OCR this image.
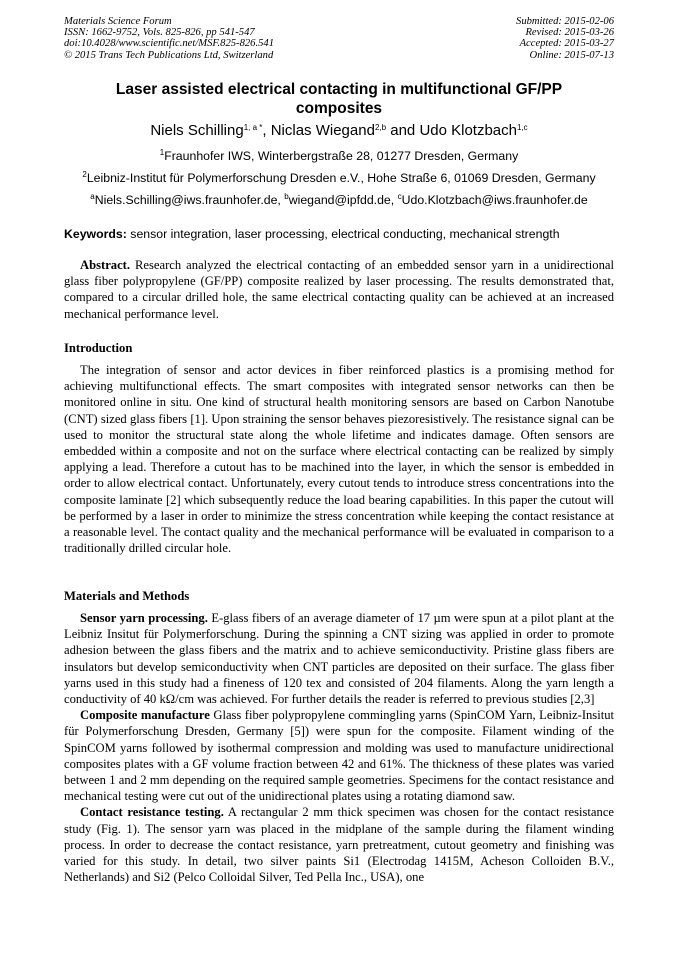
Materials Science Forum
ISSN: 1662-9752, Vols. 825-826, pp 541-547
doi:10.4028/www.scientific.net/MSF.825-826.541
© 2015 Trans Tech Publications Ltd, Switzerland
Submitted: 2015-02-06
Revised: 2015-03-26
Accepted: 2015-03-27
Online: 2015-07-13
Laser assisted electrical contacting in multifunctional GF/PP composites
Niels Schilling$^{1, a *}$, Niclas Wiegand$^{2,b}$ and Udo Klotzbach$^{1,c}$
$^1$Fraunhofer IWS, Winterbergstraße 28, 01277 Dresden, Germany
$^2$Leibniz-Institut für Polymerforschung Dresden e.V., Hohe Straße 6, 01069 Dresden, Germany
$^a$Niels.Schilling@iws.fraunhofer.de, $^b$wiegand@ipfdd.de, $^c$Udo.Klotzbach@iws.fraunhofer.de
Keywords: sensor integration, laser processing, electrical conducting, mechanical strength

Abstract. Research analyzed the electrical contacting of an embedded sensor yarn in a unidirectional glass fiber polypropylene (GF/PP) composite realized by laser processing. The results demonstrated that, compared to a circular drilled hole, the same electrical contacting quality can be achieved at an increased mechanical performance level.

Introduction

The integration of sensor and actor devices in fiber reinforced plastics is a promising method for achieving multifunctional effects. The smart composites with integrated sensor networks can then be monitored online in situ. One kind of structural health monitoring sensors are based on Carbon Nanotube (CNT) sized glass fibers [1]. Upon straining the sensor behaves piezoresistively. The resistance signal can be used to monitor the structural state along the whole lifetime and indicates damage. Often sensors are embedded within a composite and not on the surface where electrical contacting can be realized by simply applying a lead. Therefore a cutout has to be machined into the layer, in which the sensor is embedded in order to allow electrical contact. Unfortunately, every cutout tends to introduce stress concentrations into the composite laminate [2] which subsequently reduce the load bearing capabilities. In this paper the cutout will be performed by a laser in order to minimize the stress concentration while keeping the contact resistance at a reasonable level. The contact quality and the mechanical performance will be evaluated in comparison to a traditionally drilled circular hole.

Materials and Methods

Sensor yarn processing. E-glass fibers of an average diameter of 17 µm were spun at a pilot plant at the Leibniz Insitut für Polymerforschung. During the spinning a CNT sizing was applied in order to promote adhesion between the glass fibers and the matrix and to achieve semiconductivity. Pristine glass fibers are insulators but develop semiconductivity when CNT particles are deposited on their surface. The glass fiber yarns used in this study had a fineness of 120 tex and consisted of 204 filaments. Along the yarn length a conductivity of 40 kΩ/cm was achieved. For further details the reader is referred to previous studies [2,3]

Composite manufacture Glass fiber polypropylene commingling yarns (SpinCOM Yarn, Leibniz-Insitut für Polymerforschung Dresden, Germany [5]) were spun for the composite. Filament winding of the SpinCOM yarns followed by isothermal compression and molding was used to manufacture unidirectional composites plates with a GF volume fraction between 42 and 61%. The thickness of these plates was varied between 1 and 2 mm depending on the required sample geometries. Specimens for the contact resistance and mechanical testing were cut out of the unidirectional plates using a rotating diamond saw.

Contact resistance testing. A rectangular 2 mm thick specimen was chosen for the contact resistance study (Fig. 1). The sensor yarn was placed in the midplane of the sample during the filament winding process. In order to decrease the contact resistance, yarn pretreatment, cutout geometry and finishing was varied for this study. In detail, two silver paints Si1 (Electrodag 1415M, Acheson Colloiden B.V., Netherlands) and Si2 (Pelco Colloidal Silver, Ted Pella Inc., USA), one
